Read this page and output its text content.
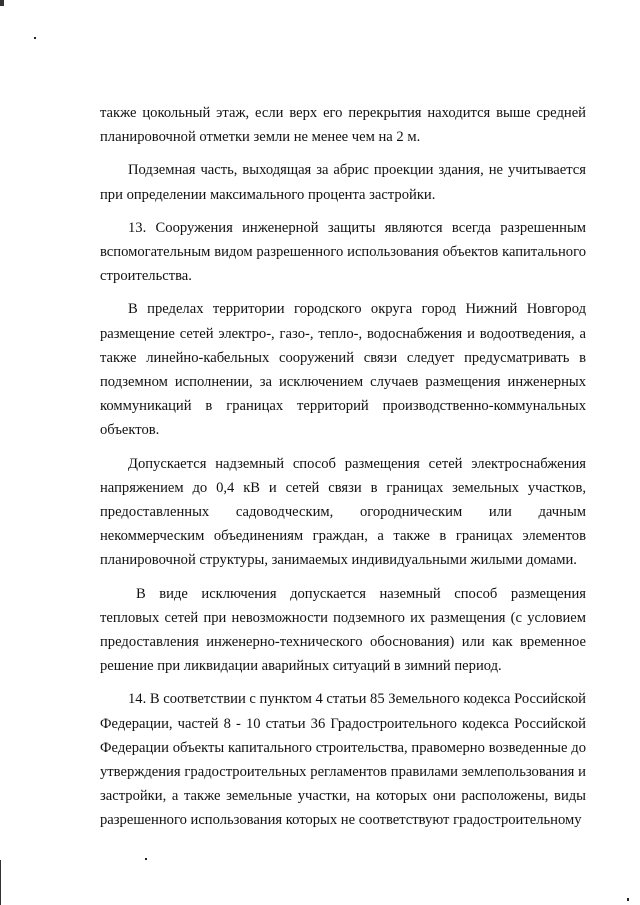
также цокольный этаж, если верх его перекрытия находится выше средней планировочной отметки земли не менее чем на 2 м.

Подземная часть, выходящая за абрис проекции здания, не учитывается при определении максимального процента застройки.

13. Сооружения инженерной защиты являются всегда разрешенным вспомогательным видом разрешенного использования объектов капитального строительства.

В пределах территории городского округа город Нижний Новгород размещение сетей электро-, газо-, тепло-, водоснабжения и водоотведения, а также линейно-кабельных сооружений связи следует предусматривать в подземном исполнении, за исключением случаев размещения инженерных коммуникаций в границах территорий производственно-коммунальных объектов.

Допускается надземный способ размещения сетей электроснабжения напряжением до 0,4 кВ и сетей связи в границах земельных участков, предоставленных садоводческим, огородническим или дачным некоммерческим объединениям граждан, а также в границах элементов планировочной структуры, занимаемых индивидуальными жилыми домами.

В виде исключения допускается наземный способ размещения тепловых сетей при невозможности подземного их размещения (с условием предоставления инженерно-технического обоснования) или как временное решение при ликвидации аварийных ситуаций в зимний период.

14. В соответствии с пунктом 4 статьи 85 Земельного кодекса Российской Федерации, частей 8 - 10 статьи 36 Градостроительного кодекса Российской Федерации объекты капитального строительства, правомерно возведенные до утверждения градостроительных регламентов правилами землепользования и застройки, а также земельные участки, на которых они расположены, виды разрешенного использования которых не соответствуют градостроительному
